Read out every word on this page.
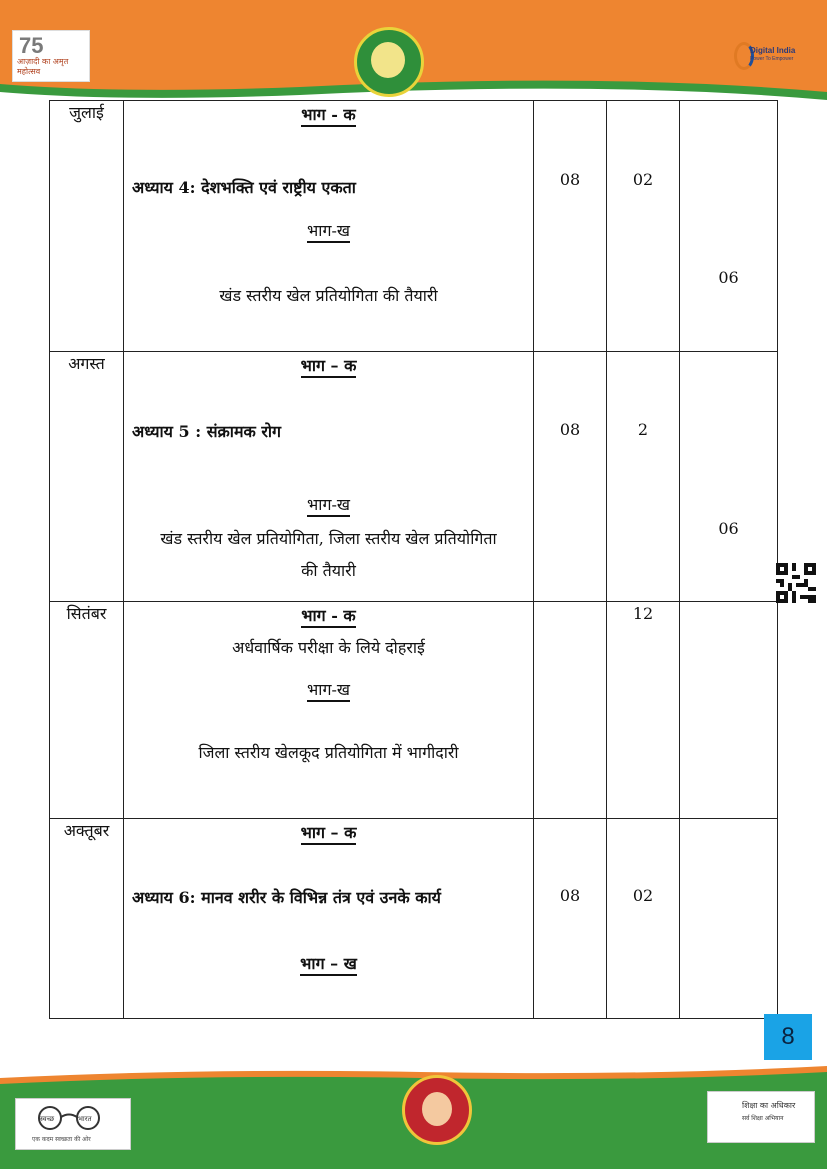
75
आज़ादी का अमृत महोत्सव
Digital India
Power To Empower
जुलाई	भाग - क
अध्याय 4: देशभक्ति एवं राष्ट्रीय एकता
भाग-ख
खंड स्तरीय खेल प्रतियोगिता की तैयारी	08	02	06

अगस्त	भाग – क
अध्याय 5 : संक्रामक रोग
भाग-ख
खंड स्तरीय खेल प्रतियोगिता, जिला स्तरीय खेल प्रतियोगिता
की तैयारी	08	2	06

सितंबर	भाग - क
अर्धवार्षिक परीक्षा के लिये दोहराई
भाग-ख
जिला स्तरीय खेलकूद प्रतियोगिता में भागीदारी		12	

अक्तूबर	भाग – क
अध्याय 6: मानव शरीर के विभिन्न तंत्र एवं उनके कार्य
भाग – ख	08	02	

8
स्वच्छ	भारत
एक कदम स्वच्छता की ओर
शिक्षा का अधिकार
सर्व शिक्षा अभियान
